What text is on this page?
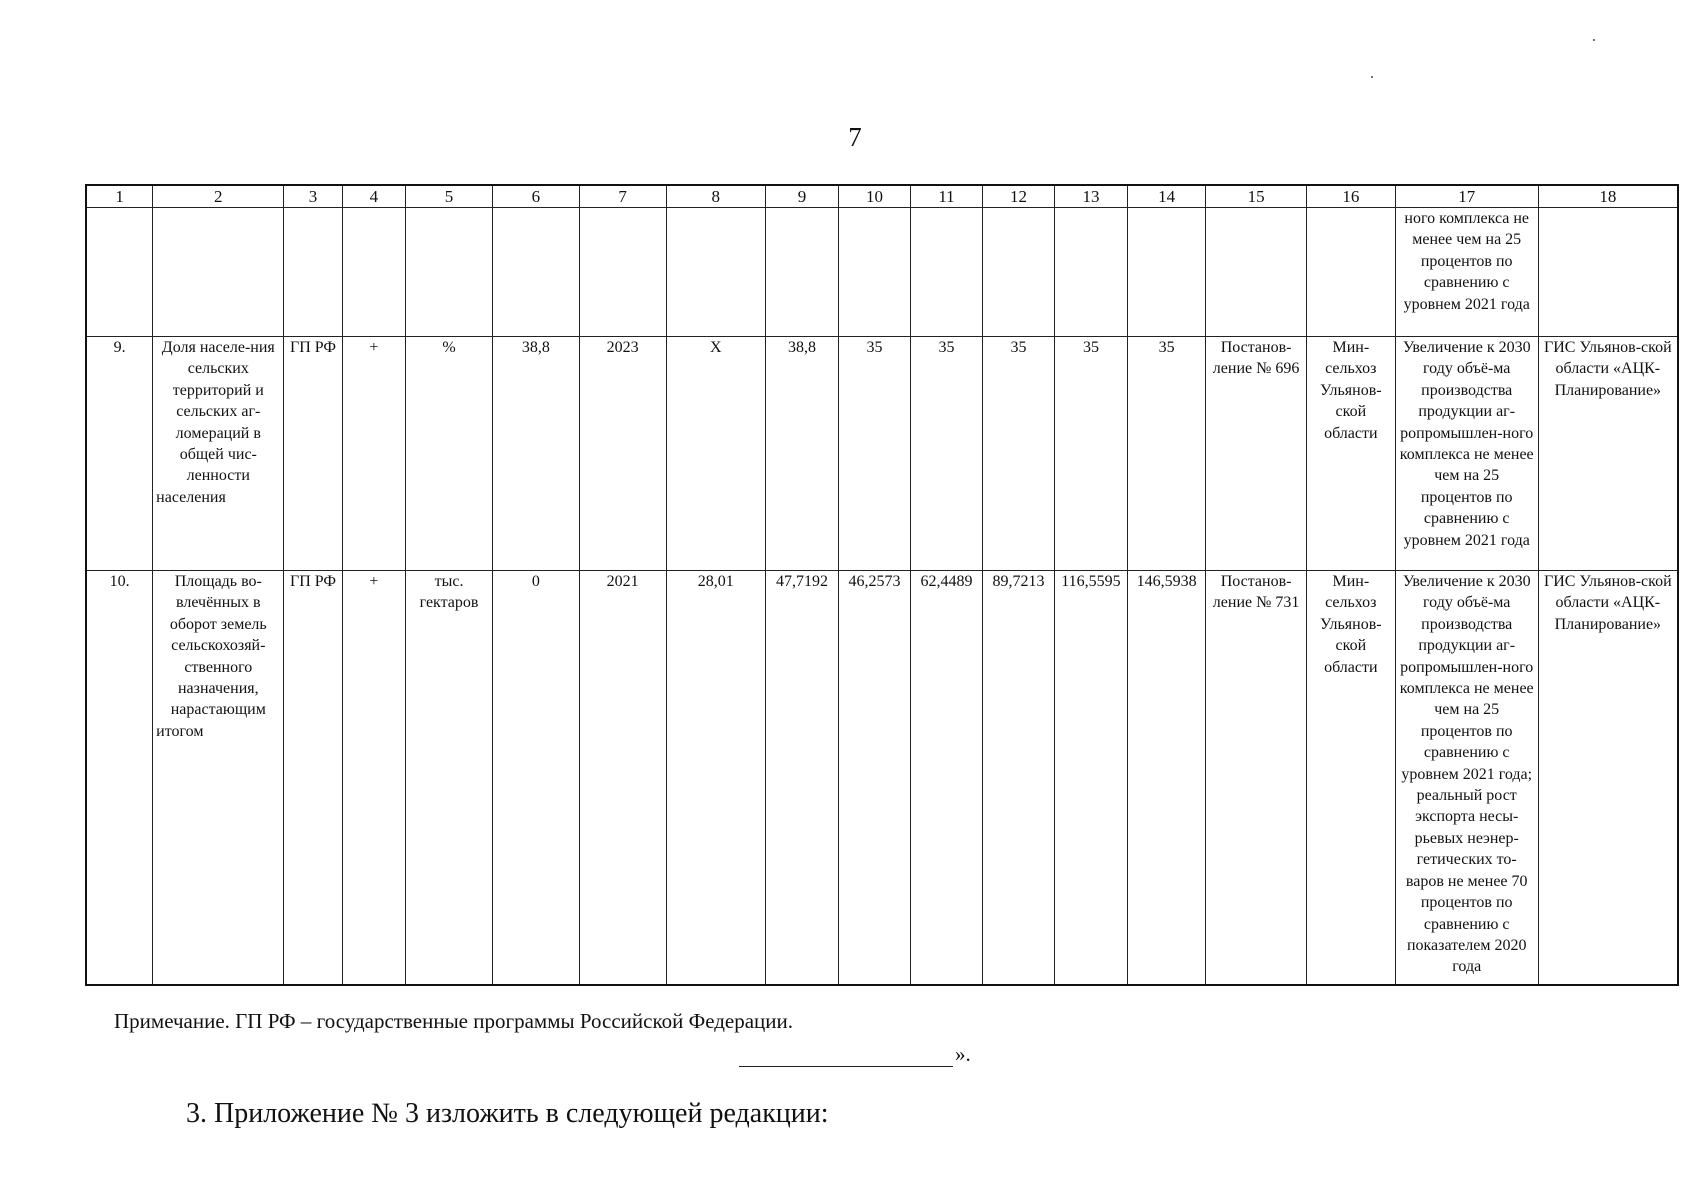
7
1	2	3	4	5	6	7	8	9	10	11	12	13	14	15	16	17	18
																ного комплекса не менее чем на 25 процентов по сравнению с уровнем 2021 года	
9.	Доля населе-ния сельских территорий и сельских аг-ломераций в общей чис-ленности населения	ГП РФ	+	%	38,8	2023	X	38,8	35	35	35	35	35	Постанов-ление № 696	Мин-сельхоз Ульянов-ской области	Увеличение к 2030 году объё-ма производства продукции аг-ропромышлен-ного комплекса не менее чем на 25 процентов по сравнению с уровнем 2021 года	ГИС Ульянов-ской области «АЦК-Планирование»
10.	Площадь во-влечённых в оборот земель сельскохозяй-ственного назначения, нарастающим итогом	ГП РФ	+	тыс. гектаров	0	2021	28,01	47,7192	46,2573	62,4489	89,7213	116,5595	146,5938	Постанов-ление № 731	Мин-сельхоз Ульянов-ской области	Увеличение к 2030 году объё-ма производства продукции аг-ропромышлен-ного комплекса не менее чем на 25 процентов по сравнению с уровнем 2021 года; реальный рост экспорта несы-рьевых неэнер-гетических то-варов не менее 70 процентов по сравнению с показателем 2020 года	ГИС Ульянов-ской области «АЦК-Планирование»
Примечание. ГП РФ – государственные программы Российской Федерации.
».
3. Приложение № 3 изложить в следующей редакции:
